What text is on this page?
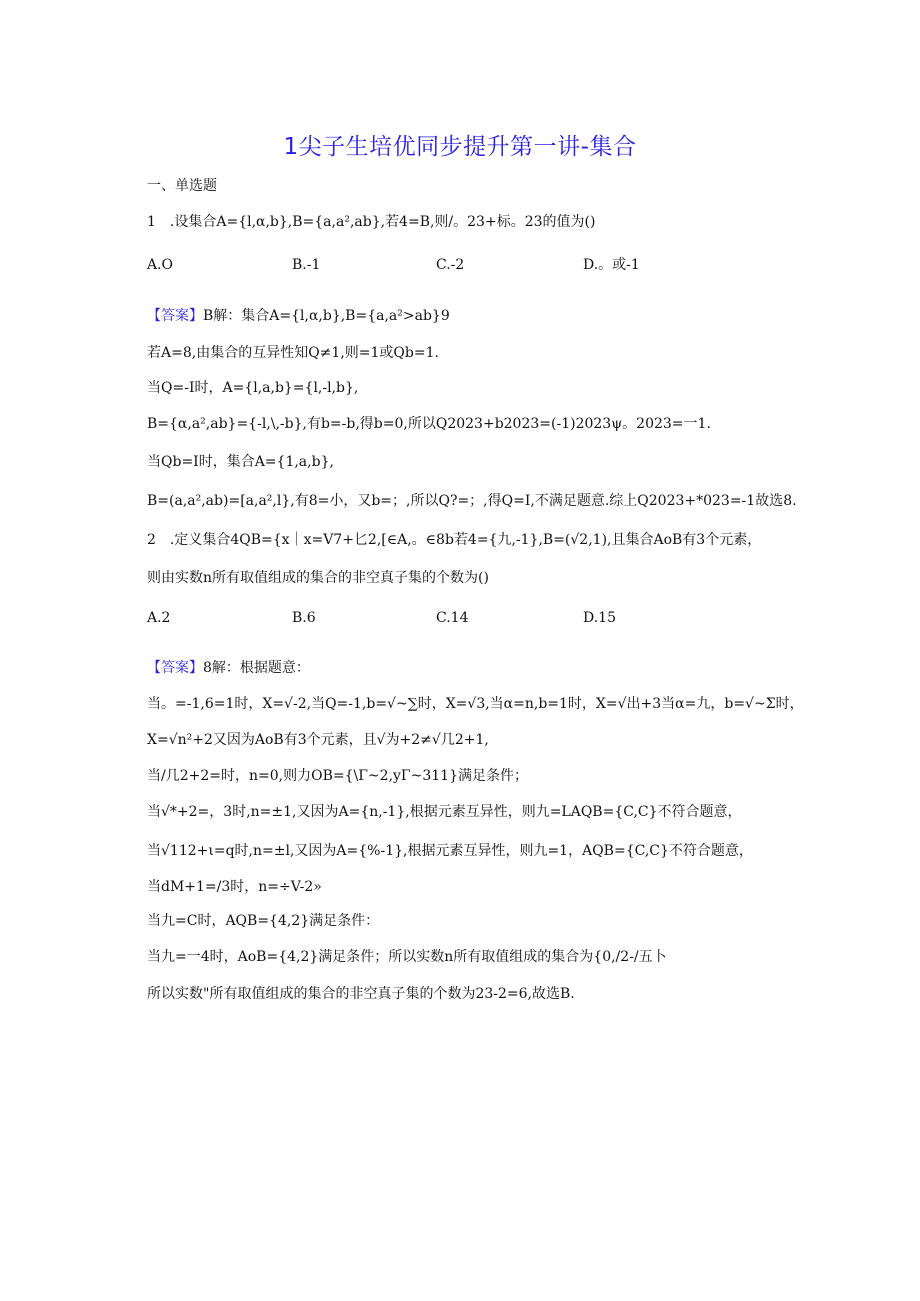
1尖子生培优同步提升第一讲-集合
一、单选题
1　.设集合A={l,α,b},B={a,a²,ab},若4=B,则/。23+标。23的值为()
A.O	B.-1	C.-2	D.。或-1
【答案】B解：集合A={l,α,b},B={a,a²>ab}9
若A=8,由集合的互异性知Q≠1,则=1或Qb=1.
当Q=-I时，A={l,a,b}={l,-l,b},
B={α,a²,ab}={-l,\,-b},有b=-b,得b=0,所以Q2023+b2023=(-1)2023ψ。2023=一1.
当Qb=I时，集合A={1,a,b},
B=(a,a²,ab)=[a,a²,l},有8=小，又b=；,所以Q?=；,得Q=I,不满足题意.综上Q2023+*023=-1故选8.
2　.定义集合4QB={x｜x=V7+匕2,[∈A,。∈8b若4={九,-1},B=(√2,1),且集合AoB有3个元素，
则由实数n所有取值组成的集合的非空真子集的个数为()
A.2	B.6	C.14	D.15
【答案】8解：根据题意：
当。=-1,6=1时，X=√-2,当Q=-1,b=√~∑时，X=√3,当α=n,b=1时，X=√出+3当α=九，b=√~Σ时，
X=√n²+2又因为AoB有3个元素，且√为+2≠√几2+1,
当/几2+2=时，n=0,则力OB={\Γ~2,yΓ~311}满足条件；
当√*+2=，3时,n=±1,又因为A={n,-1},根据元素互异性，则九=LAQB={C,C}不符合题意，
当√112+ι=q时,n=±l,又因为A={%-1},根据元素互异性，则九=1，AQB={C,C}不符合题意，
当dM+1=/3时，n=÷V-2»
当九=C时，AQB={4,2}满足条件：
当九=一4时，AoB={4,2}满足条件；所以实数n所有取值组成的集合为{0,/2-/五卜
所以实数"所有取值组成的集合的非空真子集的个数为23-2=6,故选B.
